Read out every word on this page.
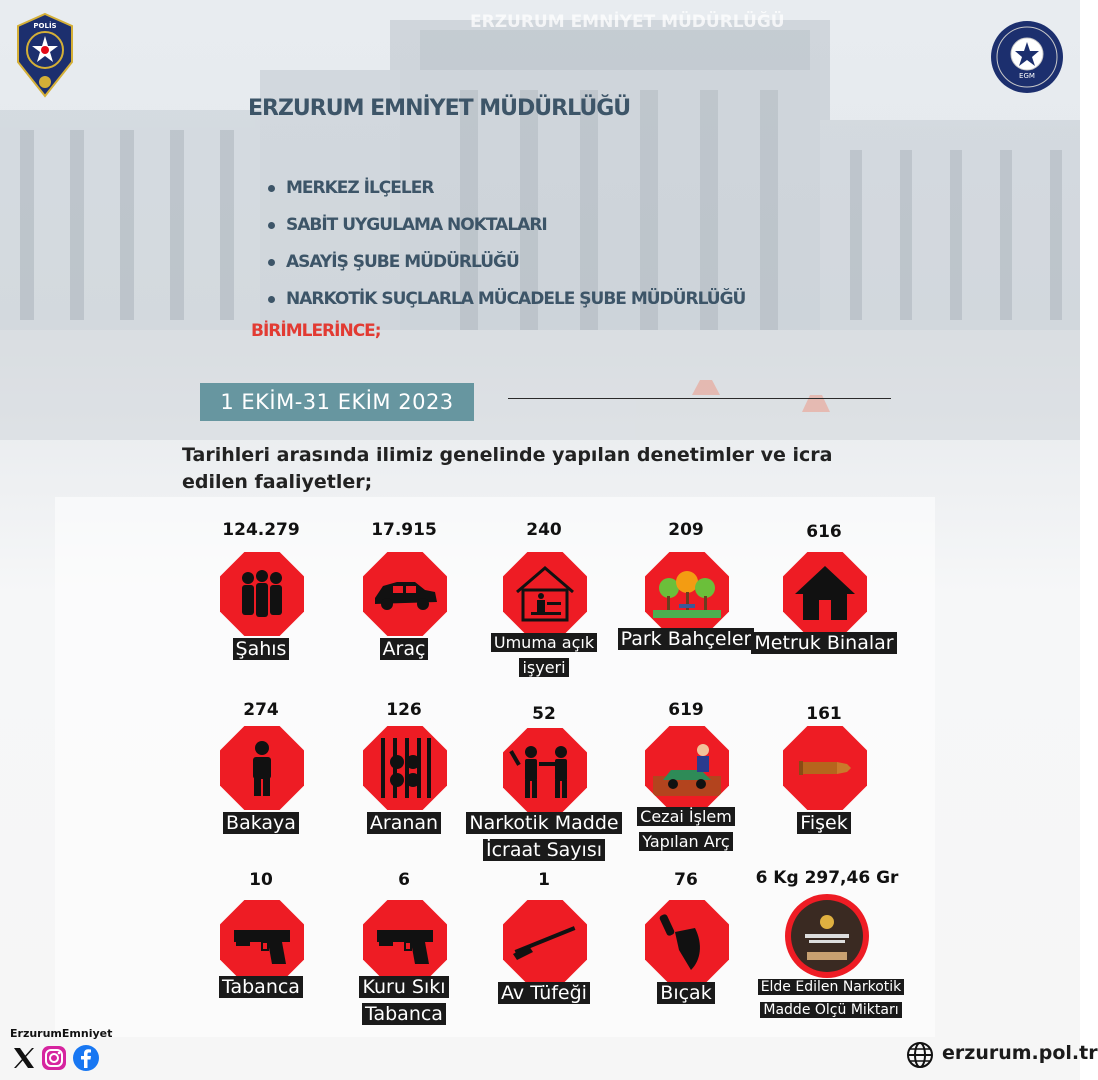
ERZURUM EMNİYET MÜDÜRLÜĞÜ
POLİS
EGM
ERZURUM EMNİYET MÜDÜRLÜĞÜ
MERKEZ İLÇELER
SABİT UYGULAMA NOKTALARI
ASAYİŞ ŞUBE MÜDÜRLÜĞÜ
NARKOTİK SUÇLARLA MÜCADELE ŞUBE MÜDÜRLÜĞÜ
BİRİMLERİNCE;
1 EKİM-31 EKİM 2023
Tarihleri arasında ilimiz genelinde yapılan denetimler ve icra edilen faaliyetler;
124.279
Şahıs
17.915
Araç
240
Umuma açık işyeri
209
Park Bahçeler
616
Metruk Binalar
274
Bakaya
126
Aranan
52
Narkotik Madde İcraat Sayısı
619
Cezai İşlem Yapılan Arç
161
Fişek
10
Tabanca
6
Kuru Sıkı Tabanca
1
Av Tüfeği
76
Bıçak
6 Kg 297,46 Gr
Elde Edilen Narkotik Madde Ölçü Miktarı
ErzurumEmniyet
erzurum.pol.tr
